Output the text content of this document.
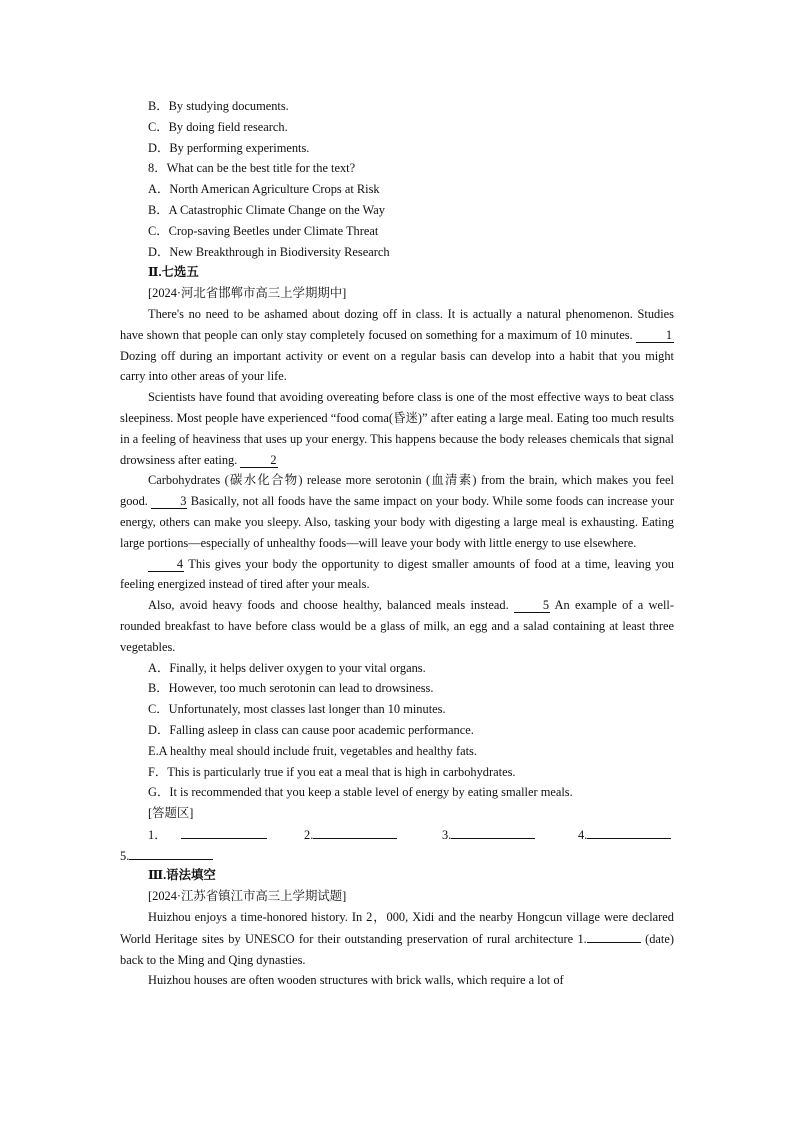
B．By studying documents.
C．By doing field research.
D．By performing experiments.
8．What can be the best title for the text?
A．North American Agriculture Crops at Risk
B．A Catastrophic Climate Change on the Way
C．Crop-saving Beetles under Climate Threat
D．New Breakthrough in Biodiversity Research
Ⅱ.七选五
[2024·河北省邯郸市高三上学期期中]
There's no need to be ashamed about dozing off in class. It is actually a natural phenomenon. Studies have shown that people can only stay completely focused on something for a maximum of 10 minutes.	1 Dozing off during an important activity or event on a regular basis can develop into a habit that you might carry into other areas of your life.
Scientists have found that avoiding overeating before class is one of the most effective ways to beat class sleepiness. Most people have experienced “food coma(昏迷)” after eating a large meal. Eating too much results in a feeling of heaviness that uses up your energy. This happens because the body releases chemicals that signal drowsiness after eating.	2
Carbohydrates (碳水化合物) release more serotonin (血清素) from the brain, which makes you feel good.	3 Basically, not all foods have the same impact on your body. While some foods can increase your energy, others can make you sleepy. Also, tasking your body with digesting a large meal is exhausting. Eating large portions—especially of unhealthy foods—will leave your body with little energy to use elsewhere.
4 This gives your body the opportunity to digest smaller amounts of food at a time, leaving you feeling energized instead of tired after your meals.
Also, avoid heavy foods and choose healthy, balanced meals instead.	5 An example of a well-rounded breakfast to have before class would be a glass of milk, an egg and a salad containing at least three vegetables.
A．Finally, it helps deliver oxygen to your vital organs.
B．However, too much serotonin can lead to drowsiness.
C．Unfortunately, most classes last longer than 10 minutes.
D．Falling asleep in class can cause poor academic performance.
E.A healthy meal should include fruit, vegetables and healthy fats.
F．This is particularly true if you eat a meal that is high in carbohydrates.
G．It is recommended that you keep a stable level of energy by eating smaller meals.
[答题区]
1．	2.	3.	4.
5.
Ⅲ.语法填空
[2024·江苏省镇江市高三上学期试题]
Huizhou enjoys a time-honored history. In 2，000, Xidi and the nearby Hongcun village were declared World Heritage sites by UNESCO for their outstanding preservation of rural architecture 1.	(date) back to the Ming and Qing dynasties.
Huizhou houses are often wooden structures with brick walls, which require a lot of
